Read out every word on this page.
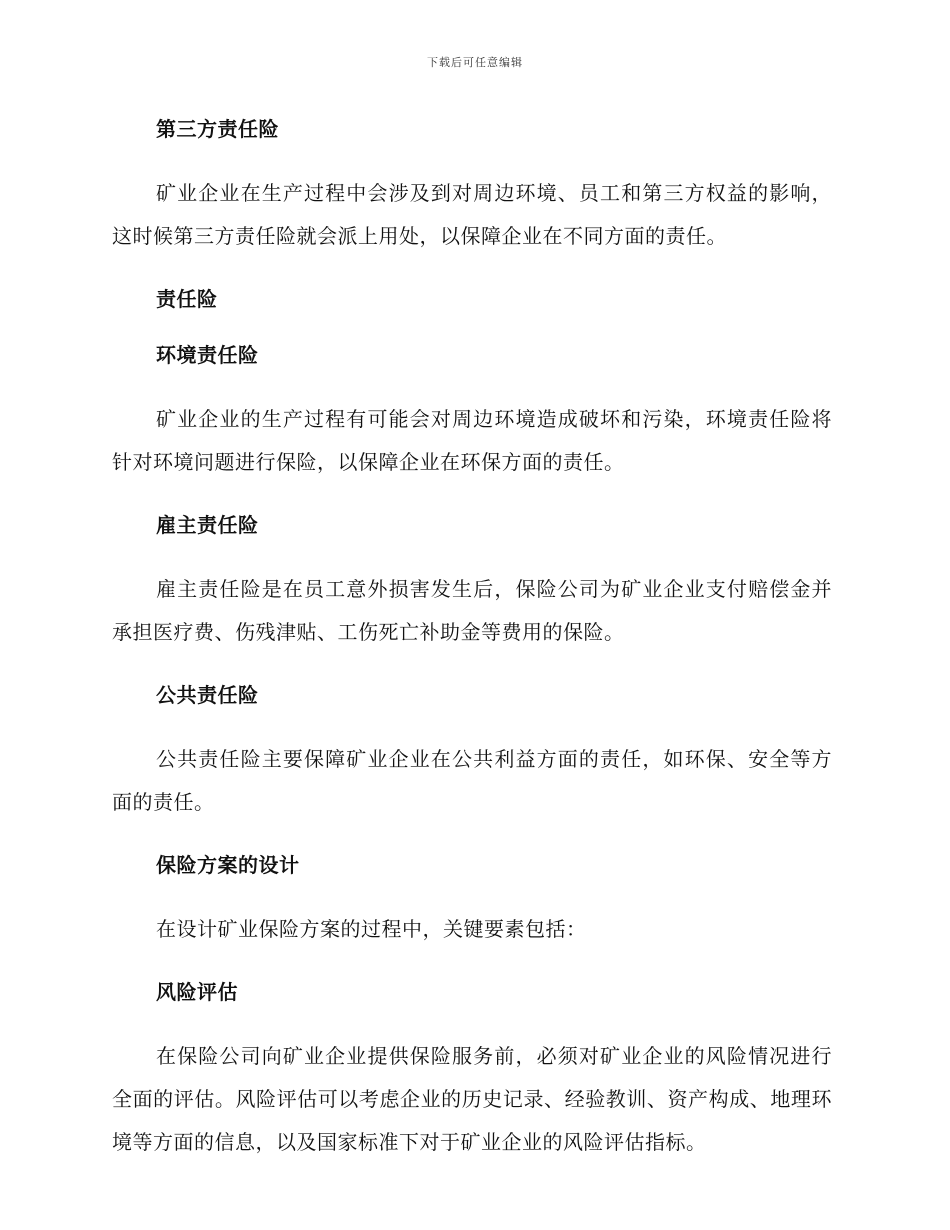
下载后可任意编辑

第三方责任险

矿业企业在生产过程中会涉及到对周边环境、员工和第三方权益的影响，这时候第三方责任险就会派上用处，以保障企业在不同方面的责任。

责任险

环境责任险

矿业企业的生产过程有可能会对周边环境造成破坏和污染，环境责任险将针对环境问题进行保险，以保障企业在环保方面的责任。

雇主责任险

雇主责任险是在员工意外损害发生后，保险公司为矿业企业支付赔偿金并承担医疗费、伤残津贴、工伤死亡补助金等费用的保险。

公共责任险

公共责任险主要保障矿业企业在公共利益方面的责任，如环保、安全等方面的责任。

保险方案的设计

在设计矿业保险方案的过程中，关键要素包括：

风险评估

在保险公司向矿业企业提供保险服务前，必须对矿业企业的风险情况进行全面的评估。风险评估可以考虑企业的历史记录、经验教训、资产构成、地理环境等方面的信息，以及国家标准下对于矿业企业的风险评估指标。
